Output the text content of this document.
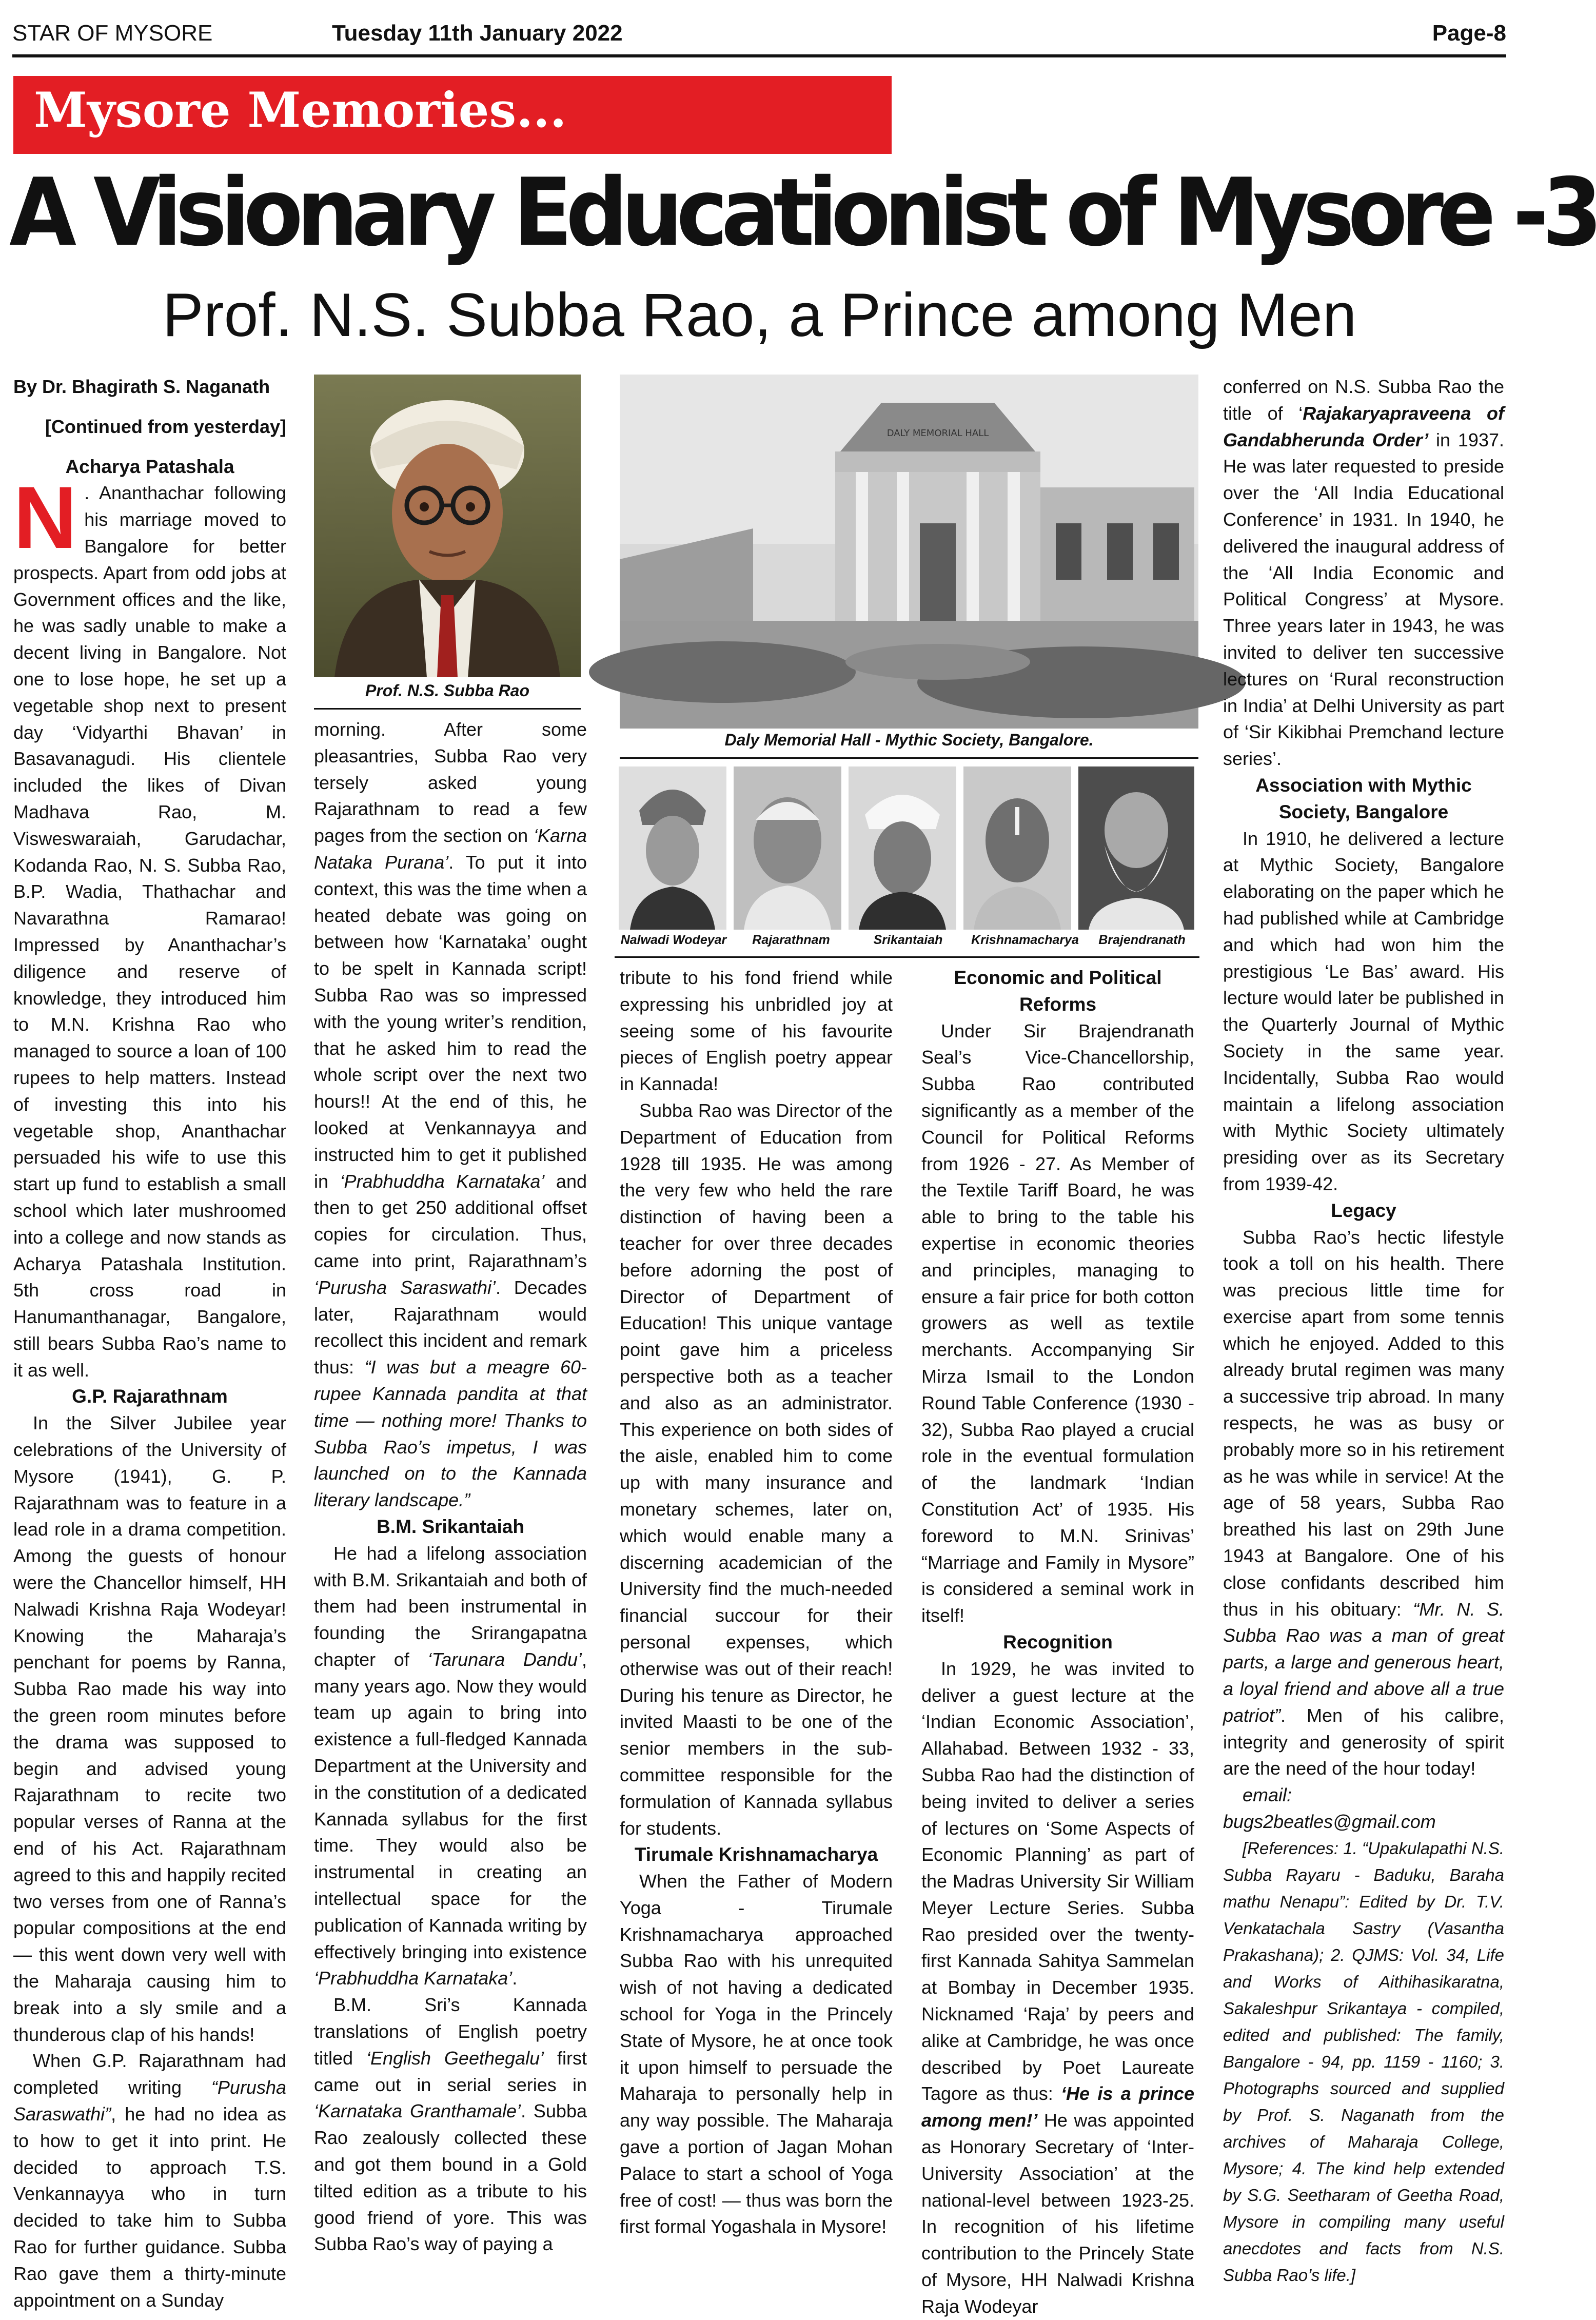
STAR OF MYSORE	Tuesday 11th January 2022	Page-8
Mysore Memories...
A Visionary Educationist of Mysore -3
Prof. N.S. Subba Rao, a Prince among Men
Prof. N.S. Subba Rao
DALY MEMORIAL HALL
Daly Memorial Hall - Mythic Society, Bangalore.
Nalwadi Wodeyar	Rajarathnam	Srikantaiah	Krishnamacharya	Brajendranath

By Dr. Bhagirath S. Naganath

[Continued from yesterday]

Acharya Patashala

N . Ananthachar following his marriage moved to Bangalore for better prospects. Apart from odd jobs at Government offices and the like, he was sadly unable to make a decent living in Bangalore. Not one to lose hope, he set up a vegetable shop next to present day ‘Vidyarthi Bhavan’ in Basavanagudi. His clientele included the likes of Divan Madhava Rao, M. Visweswaraiah, Garudachar, Kodanda Rao, N. S. Subba Rao, B.P. Wadia, Thathachar and Navarathna Ramarao! Impressed by Ananthachar’s diligence and reserve of knowledge, they introduced him to M.N. Krishna Rao who managed to source a loan of 100 rupees to help matters. Instead of investing this into his vegetable shop, Ananthachar persuaded his wife to use this start up fund to establish a small school which later mushroomed into a college and now stands as Acharya Patashala Institution. 5th cross road in Hanumanthanagar, Bangalore, still bears Subba Rao’s name to it as well.

G.P. Rajarathnam

In the Silver Jubilee year celebrations of the University of Mysore (1941), G. P. Rajarathnam was to feature in a lead role in a drama competition. Among the guests of honour were the Chancellor himself, HH Nalwadi Krishna Raja Wodeyar! Knowing the Maharaja’s penchant for poems by Ranna, Subba Rao made his way into the green room minutes before the drama was supposed to begin and advised young Rajarathnam to recite two popular verses of Ranna at the end of his Act. Rajarathnam agreed to this and happily recited two verses from one of Ranna’s popular compositions at the end — this went down very well with the Maharaja causing him to break into a sly smile and a thunderous clap of his hands!

When G.P. Rajarathnam had completed writing “Purusha Saraswathi”, he had no idea as to how to get it into print. He decided to approach T.S. Venkannayya who in turn decided to take him to Subba Rao for further guidance. Subba Rao gave them a thirty-minute appointment on a Sunday

morning. After some pleasantries, Subba Rao very tersely asked young Rajarathnam to read a few pages from the section on ‘Karna Nataka Purana’. To put it into context, this was the time when a heated debate was going on between how ‘Karnataka’ ought to be spelt in Kannada script! Subba Rao was so impressed with the young writer’s rendition, that he asked him to read the whole script over the next two hours!! At the end of this, he looked at Venkannayya and instructed him to get it published in ‘Prabhuddha Karnataka’ and then to get 250 additional offset copies for circulation. Thus, came into print, Rajarathnam’s ‘Purusha Saraswathi’. Decades later, Rajarathnam would recollect this incident and remark thus: “I was but a meagre 60-rupee Kannada pandita at that time — nothing more! Thanks to Subba Rao’s impetus, I was launched on to the Kannada literary landscape.”

B.M. Srikantaiah

He had a lifelong association with B.M. Srikantaiah and both of them had been instrumental in founding the Srirangapatna chapter of ‘Tarunara Dandu’, many years ago. Now they would team up again to bring into existence a full-fledged Kannada Department at the University and in the constitution of a dedicated Kannada syllabus for the first time. They would also be instrumental in creating an intellectual space for the publication of Kannada writing by effectively bringing into existence ‘Prabhuddha Karnataka’.

B.M. Sri’s Kannada translations of English poetry titled ‘English Geethegalu’ first came out in serial series in ‘Karnataka Granthamale’. Subba Rao zealously collected these and got them bound in a Gold tilted edition as a tribute to his good friend of yore. This was Subba Rao’s way of paying a

tribute to his fond friend while expressing his unbridled joy at seeing some of his favourite pieces of English poetry appear in Kannada!

Subba Rao was Director of the Department of Education from 1928 till 1935. He was among the very few who held the rare distinction of having been a teacher for over three decades before adorning the post of Director of Department of Education! This unique vantage point gave him a priceless perspective both as a teacher and also as an administrator. This experience on both sides of the aisle, enabled him to come up with many insurance and monetary schemes, later on, which would enable many a discerning academician of the University find the much-needed financial succour for their personal expenses, which otherwise was out of their reach! During his tenure as Director, he invited Maasti to be one of the senior members in the sub-committee responsible for the formulation of Kannada syllabus for students.

Tirumale Krishnamacharya

When the Father of Modern Yoga - Tirumale Krishnamacharya approached Subba Rao with his unrequited wish of not having a dedicated school for Yoga in the Princely State of Mysore, he at once took it upon himself to persuade the Maharaja to personally help in any way possible. The Maharaja gave a portion of Jagan Mohan Palace to start a school of Yoga free of cost! — thus was born the first formal Yogashala in Mysore!

Economic and Political Reforms

Under Sir Brajendranath Seal’s Vice-Chancellorship, Subba Rao contributed significantly as a member of the Council for Political Reforms from 1926 - 27. As Member of the Textile Tariff Board, he was able to bring to the table his expertise in economic theories and principles, managing to ensure a fair price for both cotton growers as well as textile merchants. Accompanying Sir Mirza Ismail to the London Round Table Conference (1930 - 32), Subba Rao played a crucial role in the eventual formulation of the landmark ‘Indian Constitution Act’ of 1935. His foreword to M.N. Srinivas’ “Marriage and Family in Mysore” is considered a seminal work in itself!

Recognition

In 1929, he was invited to deliver a guest lecture at the ‘Indian Economic Association’, Allahabad. Between 1932 - 33, Subba Rao had the distinction of being invited to deliver a series of lectures on ‘Some Aspects of Economic Planning’ as part of the Madras University Sir William Meyer Lecture Series. Subba Rao presided over the twenty-first Kannada Sahitya Sammelan at Bombay in December 1935. Nicknamed ‘Raja’ by peers and alike at Cambridge, he was once described by Poet Laureate Tagore as thus: ‘He is a prince among men!’ He was appointed as Honorary Secretary of ‘Inter-University Association’ at the national-level between 1923-25. In recognition of his lifetime contribution to the Princely State of Mysore, HH Nalwadi Krishna Raja Wodeyar

conferred on N.S. Subba Rao the title of ‘Rajakaryapraveena of Gandabherunda Order’ in 1937. He was later requested to preside over the ‘All India Educational Conference’ in 1931. In 1940, he delivered the inaugural address of the ‘All India Economic and Political Congress’ at Mysore. Three years later in 1943, he was invited to deliver ten successive lectures on ‘Rural reconstruction in India’ at Delhi University as part of ‘Sir Kikibhai Premchand lecture series’.

Association with Mythic Society, Bangalore

In 1910, he delivered a lecture at Mythic Society, Bangalore elaborating on the paper which he had published while at Cambridge and which had won him the prestigious ‘Le Bas’ award. His lecture would later be published in the Quarterly Journal of Mythic Society in the same year. Incidentally, Subba Rao would maintain a lifelong association with Mythic Society ultimately presiding over as its Secretary from 1939-42.

Legacy

Subba Rao’s hectic lifestyle took a toll on his health. There was precious little time for exercise apart from some tennis which he enjoyed. Added to this already brutal regimen was many a successive trip abroad. In many respects, he was as busy or probably more so in his retirement as he was while in service! At the age of 58 years, Subba Rao breathed his last on 29th June 1943 at Bangalore. One of his close confidants described him thus in his obituary: “Mr. N. S. Subba Rao was a man of great parts, a large and generous heart, a loyal friend and above all a true patriot”. Men of his calibre, integrity and generosity of spirit are the need of the hour today!

email: bugs2beatles@gmail.com

[References: 1. “Upakulapathi N.S. Subba Rayaru - Baduku, Baraha mathu Nenapu”: Edited by Dr. T.V. Venkatachala Sastry (Vasantha Prakashana); 2. QJMS: Vol. 34, Life and Works of Aithihasikaratna, Sakaleshpur Srikantaya - compiled, edited and published: The family, Bangalore - 94, pp. 1159 - 1160; 3. Photographs sourced and supplied by Prof. S. Naganath from the archives of Maharaja College, Mysore; 4. The kind help extended by S.G. Seetharam of Geetha Road, Mysore in compiling many useful anecdotes and facts from N.S. Subba Rao’s life.]
